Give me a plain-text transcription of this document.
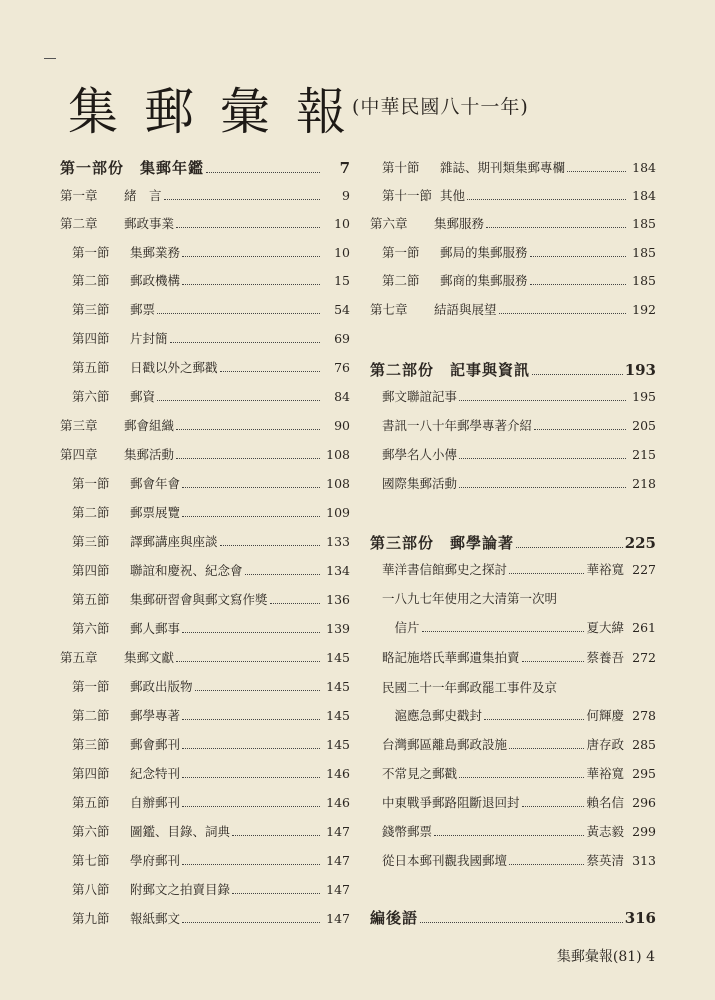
集郵彙報
(中華民國八十一年)
第一部份　集郵年鑑	7
第一章 緒　言	9
第二章 郵政事業	10
第一節 集郵業務	10
第二節 郵政機構	15
第三節 郵票	54
第四節 片封簡	69
第五節 日戳以外之郵戳	76
第六節 郵資	84
第三章 郵會組織	90
第四章 集郵活動	108
第一節 郵會年會	108
第二節 郵票展覽	109
第三節 譯郵講座與座談	133
第四節 聯誼和慶祝、紀念會	134
第五節 集郵研習會與郵文寫作獎	136
第六節 郵人郵事	139
第五章 集郵文獻	145
第一節 郵政出版物	145
第二節 郵學專著	145
第三節 郵會郵刊	145
第四節 紀念特刊	146
第五節 自辦郵刊	146
第六節 圖鑑、目錄、詞典	147
第七節 學府郵刊	147
第八節 附郵文之拍賣目錄	147
第九節 報紙郵文	147
第十節 雜誌、期刊類集郵專欄	184
第十一節 其他	184
第六章 集郵服務	185
第一節 郵局的集郵服務	185
第二節 郵商的集郵服務	185
第七章 結語與展望	192
第二部份　記事與資訊	193
郵文聯誼記事	195
書訊一八十年郵學專著介紹	205
郵學名人小傳	215
國際集郵活動	218
第三部份　郵學論著	225
華洋書信館郵史之探討	華裕寬 227
一八九七年使用之大清第一次明
　信片	夏大緯 261
略記施塔氏華郵遺集拍賣	蔡養吾 272
民國二十一年郵政罷工事件及京
　滬應急郵史戳封	何輝慶 278
台灣郵區離島郵政設施	唐存政 285
不常見之郵戳	華裕寬 295
中東戰爭郵路阻斷退回封	賴名信 296
錢幣郵票	黃志毅 299
從日本郵刊觀我國郵壇	蔡英清 313
編後語	316
集郵彙報(81) 4
